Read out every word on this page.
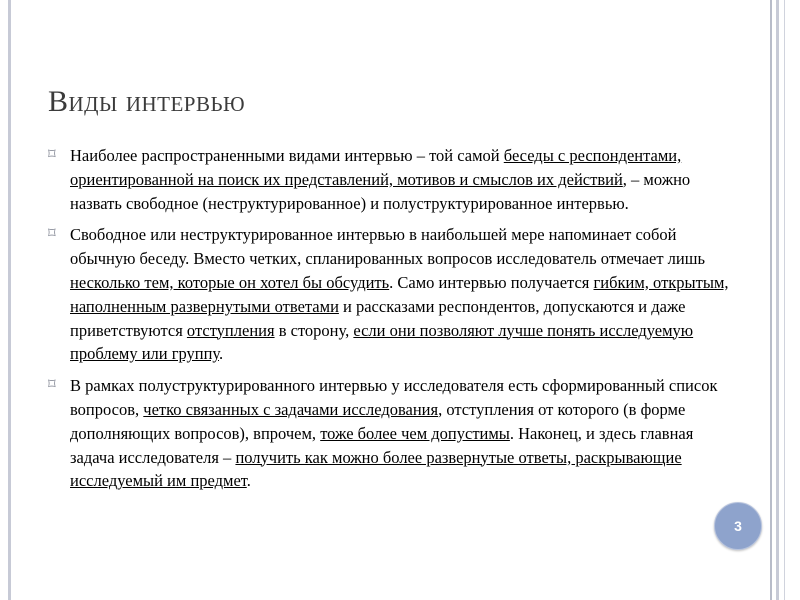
Виды интервью
⌑ Наиболее распространенными видами интервью – той самой беседы с респондентами, ориентированной на поиск их представлений, мотивов и смыслов их действий, – можно назвать свободное (неструктурированное) и полуструктурированное интервью.
⌑ Свободное или неструктурированное интервью в наибольшей мере напоминает собой обычную беседу. Вместо четких, спланированных вопросов исследователь отмечает лишь несколько тем, которые он хотел бы обсудить. Само интервью получается гибким, открытым, наполненным развернутыми ответами и рассказами респондентов, допускаются и даже приветствуются отступления в сторону, если они позволяют лучше понять исследуемую проблему или группу.
⌑ В рамках полуструктурированного интервью у исследователя есть сформированный список вопросов, четко связанных с задачами исследования, отступления от которого (в форме дополняющих вопросов), впрочем, тоже более чем допустимы. Наконец, и здесь главная задача исследователя – получить как можно более развернутые ответы, раскрывающие исследуемый им предмет.
3
